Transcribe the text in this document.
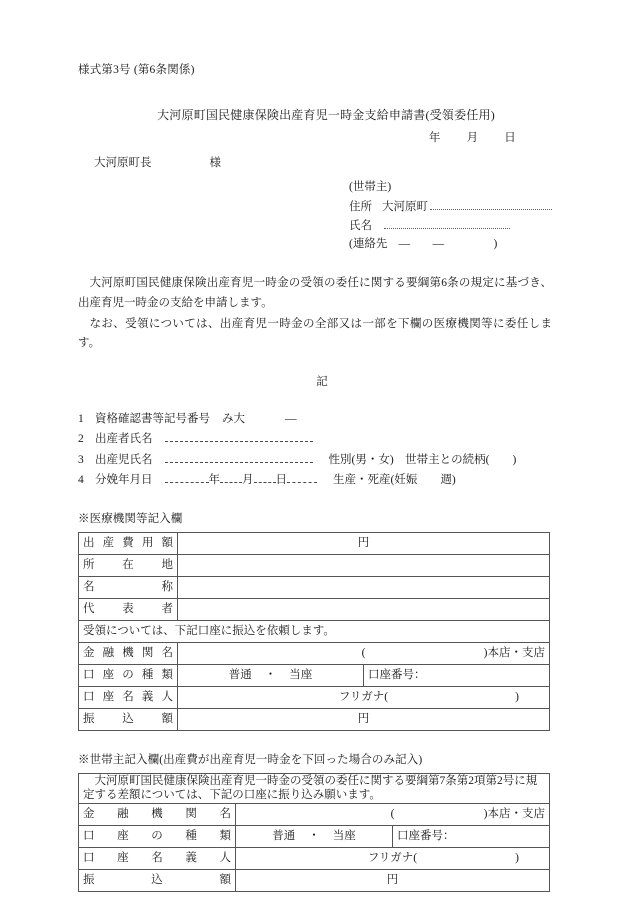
様式第3号 (第6条関係)
大河原町国民健康保険出産育児一時金支給申請書(受領委任用)
年 月 日
大河原町長	様
(世帯主)
住所 大河原町
氏名
(連絡先 ―	―	)

大河原町国民健康保険出産育児一時金の受領の委任に関する要綱第6条の規定に基づき、出産育児一時金の支給を申請します。

なお、受領については、出産育児一時金の全部又は一部を下欄の医療機関等に委任します。

記
1 資格確認書等記号番号	み大	―
2 出産者氏名
3 出産児氏名	性別(男・女)　世帯主との続柄(　　)
4 分娩年月日	年 月 日	生産・死産(妊娠　　週)
※医療機関等記入欄
出産費用額	円	
所在地		
名称		
代表者		
受領については、下記口座に振込を依頼します。		
金融機関名	( )本店・支店	

口座の種類	普通 ・ 当座	口座番号：
口座名義人	フリガナ( )	

振込額	円	
※世帯主記入欄(出産費が出産育児一時金を下回った場合のみ記入)

大河原町国民健康保険出産育児一時金の受領の委任に関する要綱第7条第2項第2号に規

定する差額については、下記の口座に振り込み願います。		

金融機関名	( )本店・支店	

口座の種類	普通 ・ 当座	口座番号：
口座名義人	フリガナ( )	

振込額	円	
